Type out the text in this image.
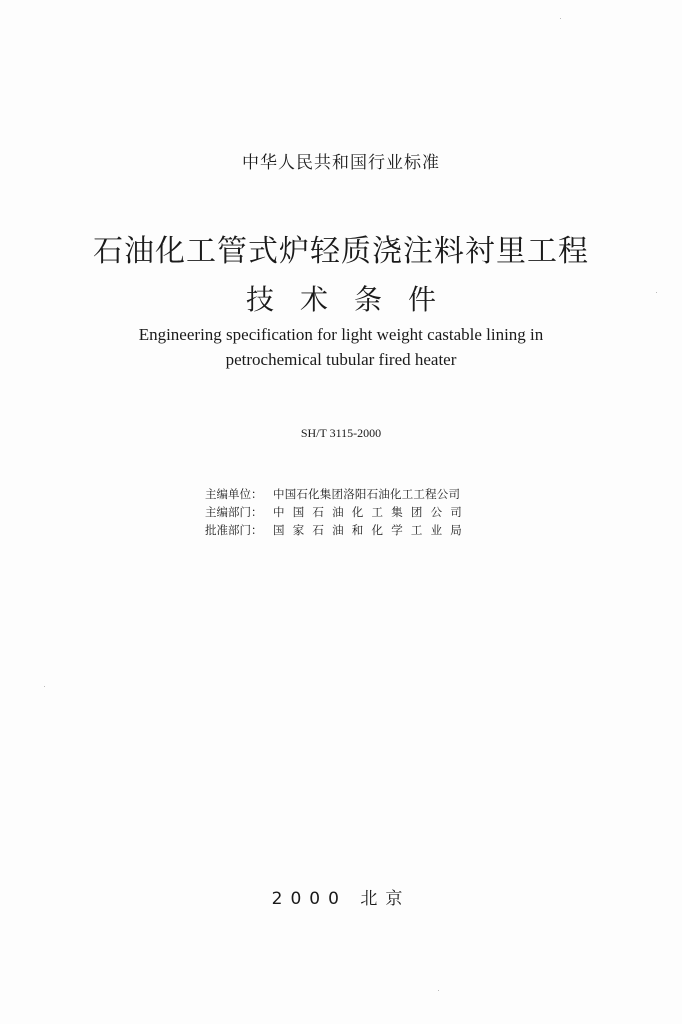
中华人民共和国行业标准
石油化工管式炉轻质浇注料衬里工程
技术条件
Engineering specification for light weight castable lining in
petrochemical tubular fired heater
SH/T 3115-2000
主编单位： 中国石化集团洛阳石油化工工程公司
主编部门： 中国石油化工集团公司
批准部门： 国家石油和化学工业局
2000 北京
